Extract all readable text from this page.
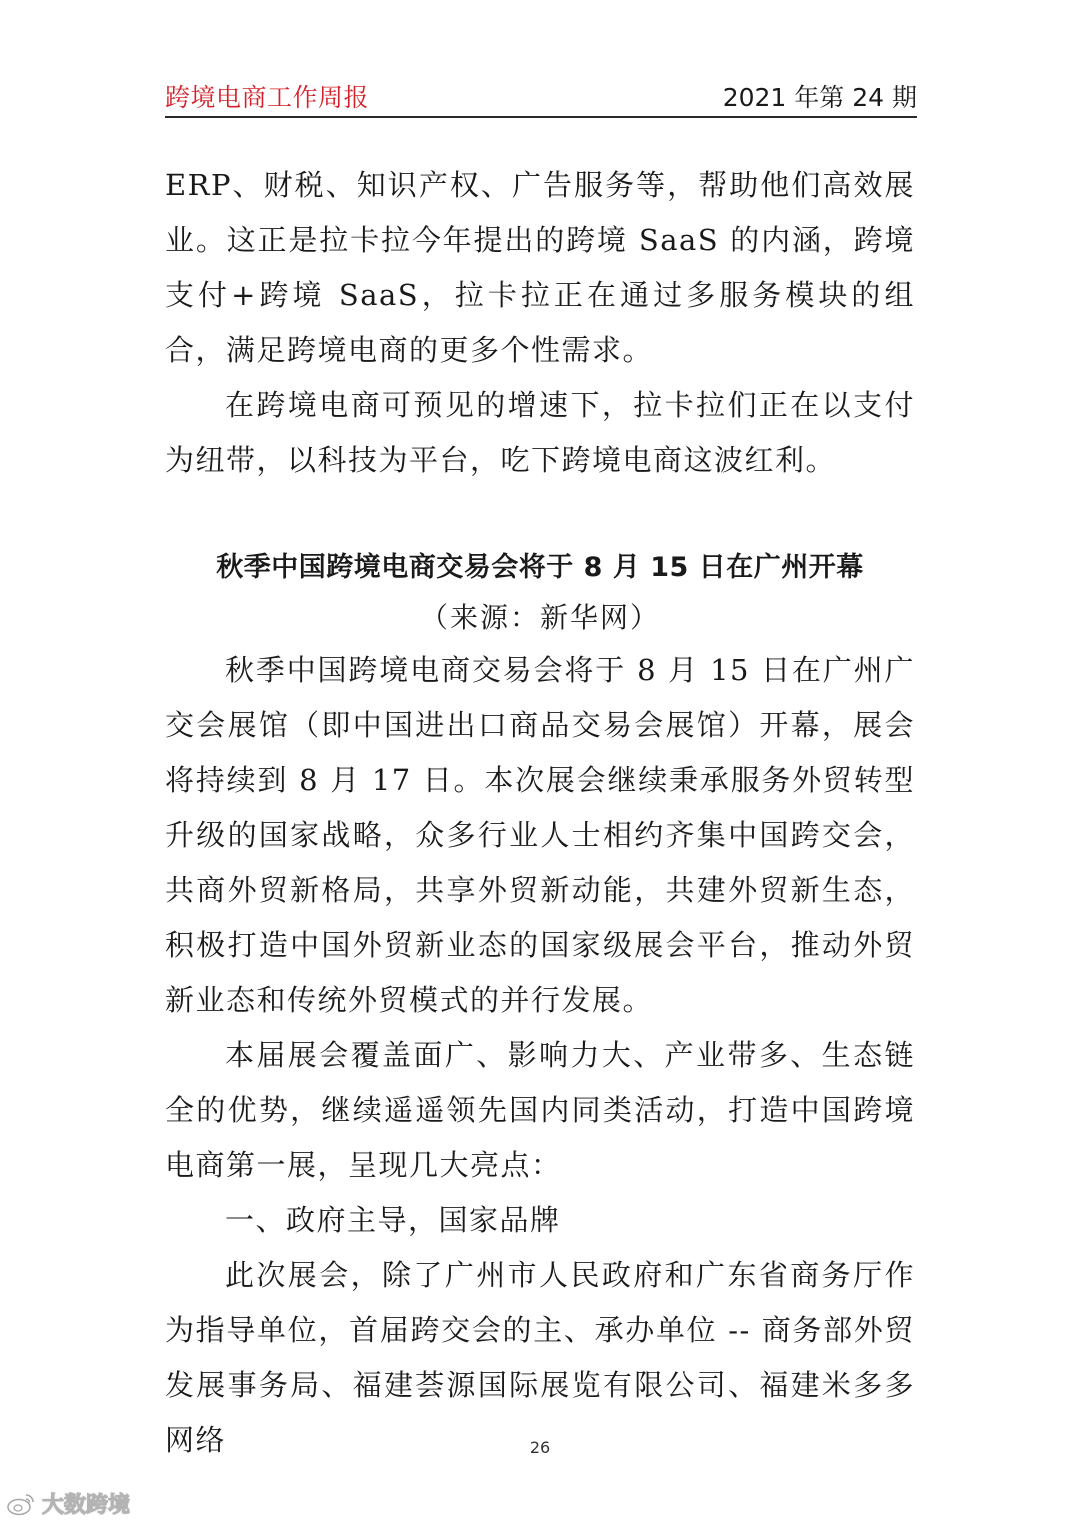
跨境电商工作周报	2021 年第 24 期

ERP、财税、知识产权、广告服务等，帮助他们高效展业。这正是拉卡拉今年提出的跨境 SaaS 的内涵，跨境支付+跨境 SaaS，拉卡拉正在通过多服务模块的组合，满足跨境电商的更多个性需求。

在跨境电商可预见的增速下，拉卡拉们正在以支付为纽带，以科技为平台，吃下跨境电商这波红利。

秋季中国跨境电商交易会将于 8 月 15 日在广州开幕
（来源：新华网）

秋季中国跨境电商交易会将于 8 月 15 日在广州广交会展馆（即中国进出口商品交易会展馆）开幕，展会将持续到 8 月 17 日。本次展会继续秉承服务外贸转型升级的国家战略，众多行业人士相约齐集中国跨交会，共商外贸新格局，共享外贸新动能，共建外贸新生态，积极打造中国外贸新业态的国家级展会平台，推动外贸新业态和传统外贸模式的并行发展。

本届展会覆盖面广、影响力大、产业带多、生态链全的优势，继续遥遥领先国内同类活动，打造中国跨境电商第一展，呈现几大亮点：

一、政府主导，国家品牌

此次展会，除了广州市人民政府和广东省商务厅作为指导单位，首届跨交会的主、承办单位 -- 商务部外贸发展事务局、福建荟源国际展览有限公司、福建米多多网络	26
大数跨境
